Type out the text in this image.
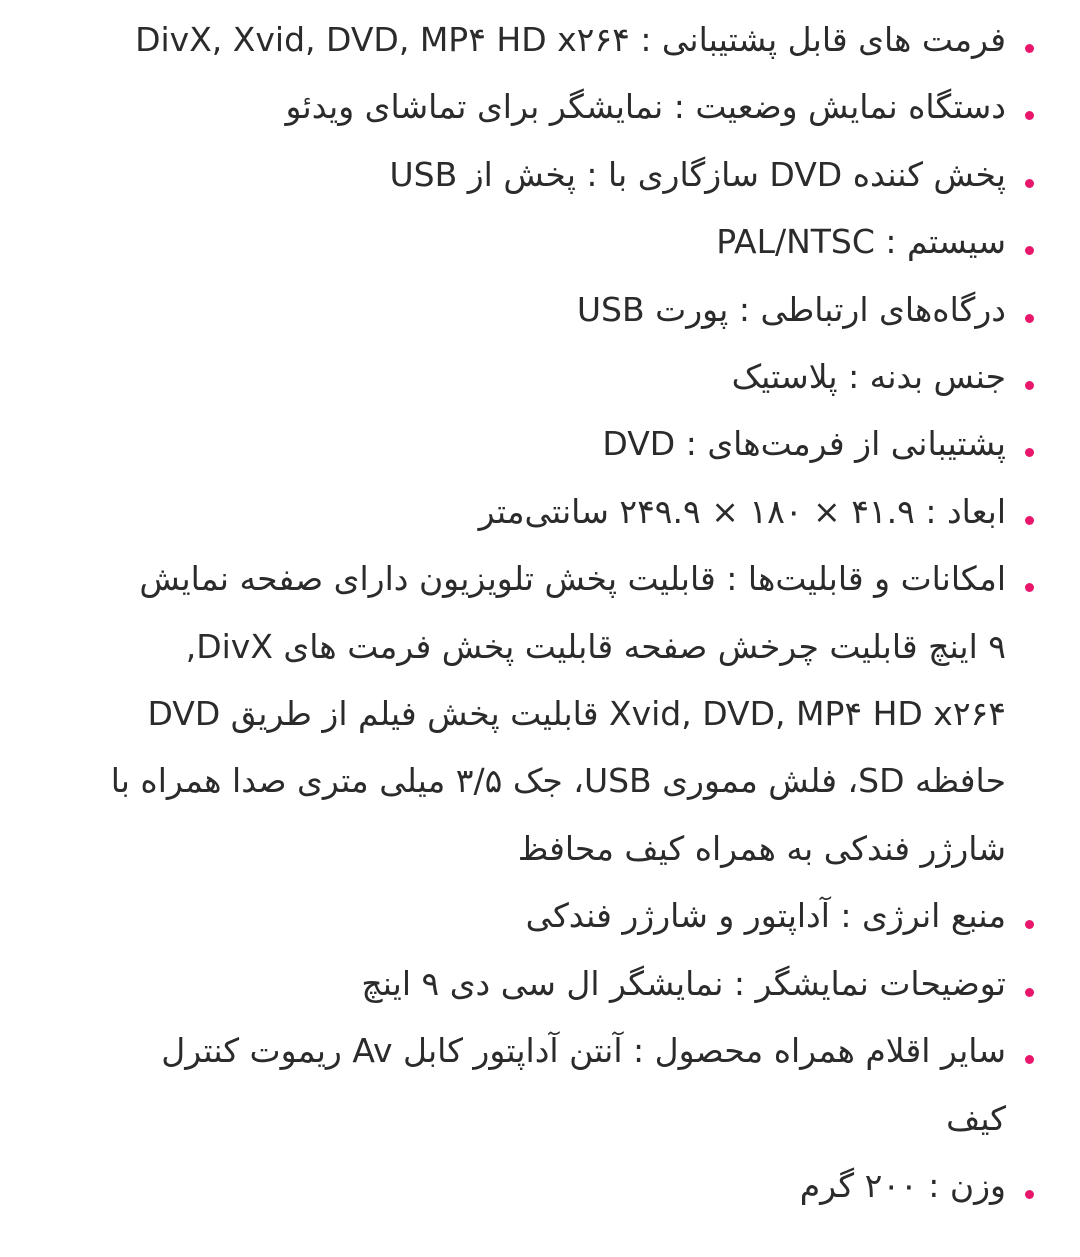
فرمت های قابل پشتیبانی : DivX, Xvid, DVD, MP۴ HD x۲۶۴
دستگاه نمایش وضعیت : نمایشگر برای تماشای ویدئو
پخش کننده DVD سازگاری با : پخش از USB
سیستم : PAL/NTSC
درگاه‌های ارتباطی : پورت USB
جنس بدنه : پلاستیک
پشتیبانی از فرمت‌های : DVD
ابعاد : ۴۱.۹ × ۱۸۰ × ۲۴۹.۹ سانتی‌متر
امکانات و قابلیت‌ها : قابلیت پخش تلویزیون دارای صفحه نمایش
۹ اینچ قابلیت چرخش صفحه قابلیت پخش فرمت های DivX,
Xvid, DVD, MP۴ HD x۲۶۴ قابلیت پخش فیلم از طریق DVD
حافظه SD، فلش مموری USB، جک ۳/۵ میلی متری صدا همراه با
شارژر فندکی به همراه کیف محافظ
منبع انرژی : آداپتور و شارژر فندکی
توضیحات نمایشگر : نمایشگر ال سی دی ۹ اینچ
سایر اقلام همراه محصول : آنتن آداپتور کابل Av ریموت کنترل
کیف
وزن : ۲۰۰ گرم
